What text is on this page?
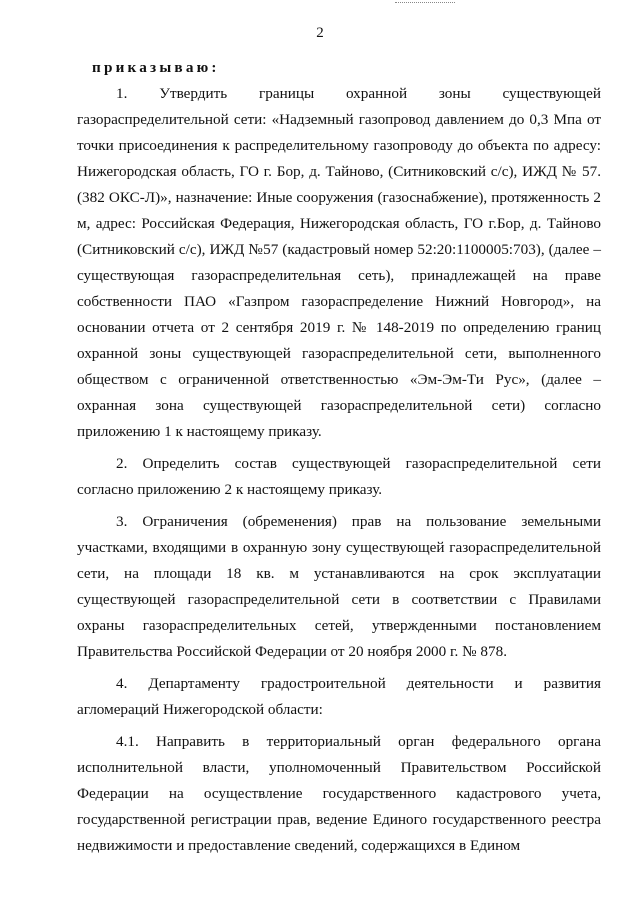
2
приказываю:

1. Утвердить границы охранной зоны существующей газораспределительной сети: «Надземный газопровод давлением до 0,3 Мпа от точки присоединения к распределительному газопроводу до объекта по адресу: Нижегородская область, ГО г. Бор, д. Тайново, (Ситниковский с/с), ИЖД № 57. (382 ОКС-Л)», назначение: Иные сооружения (газоснабжение), протяженность 2 м, адрес: Российская Федерация, Нижегородская область, ГО г.Бор, д. Тайново (Ситниковский с/с), ИЖД №57 (кадастровый номер 52:20:1100005:703), (далее – существующая газораспределительная сеть), принадлежащей на праве собственности ПАО «Газпром газораспределение Нижний Новгород», на основании отчета от 2 сентября 2019 г. № 148-2019 по определению границ охранной зоны существующей газораспределительной сети, выполненного обществом с ограниченной ответственностью «Эм-Эм-Ти Рус», (далее – охранная зона существующей газораспределительной сети) согласно приложению 1 к настоящему приказу.

2. Определить состав существующей газораспределительной сети согласно приложению 2 к настоящему приказу.

3. Ограничения (обременения) прав на пользование земельными участками, входящими в охранную зону существующей газораспределительной сети, на площади 18 кв. м устанавливаются на срок эксплуатации существующей газораспределительной сети в соответствии с Правилами охраны газораспределительных сетей, утвержденными постановлением Правительства Российской Федерации от 20 ноября 2000 г. № 878.

4. Департаменту градостроительной деятельности и развития агломераций Нижегородской области:

4.1. Направить в территориальный орган федерального органа исполнительной власти, уполномоченный Правительством Российской Федерации на осуществление государственного кадастрового учета, государственной регистрации прав, ведение Единого государственного реестра недвижимости и предоставление сведений, содержащихся в Едином
